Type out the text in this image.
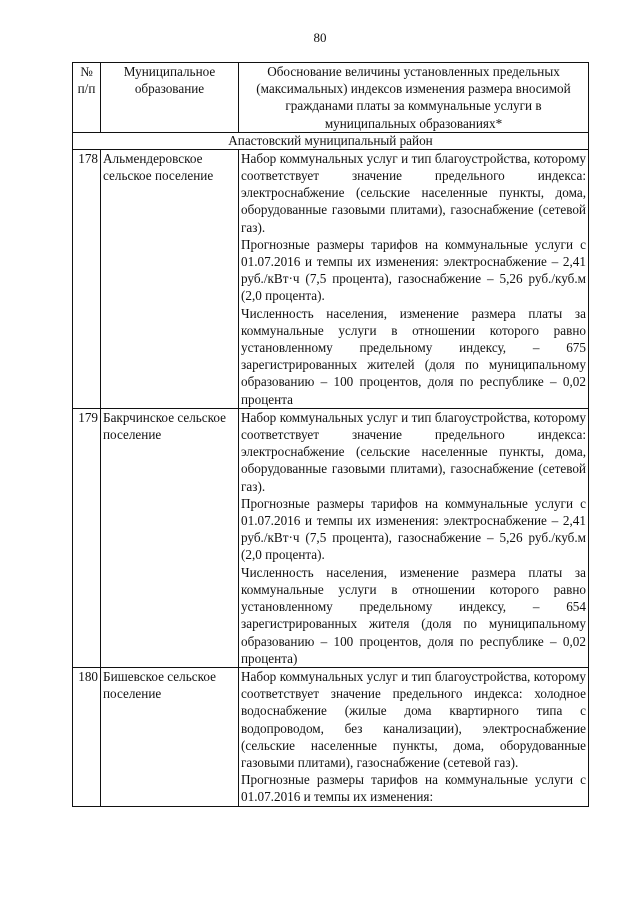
80
№ п/п	Муниципальное образование	Обоснование величины установленных предельных (максимальных) индексов изменения размера вносимой гражданами платы за коммунальные услуги в муниципальных образованиях*
Апастовский муниципальный район		
178	Альмендеровское сельское поселение	Набор коммунальных услуг и тип благоустройства, которому соответствует значение предельного индекса: электроснабжение (сельские населенные пункты, дома, оборудованные газовыми плитами), газоснабжение (сетевой газ).

Прогнозные размеры тарифов на коммунальные услуги с 01.07.2016 и темпы их изменения: электроснабжение – 2,41 руб./кВт·ч (7,5 процента), газоснабжение – 5,26 руб./куб.м (2,0 процента).

Численность населения, изменение размера платы за коммунальные услуги в отношении которого равно установленному предельному индексу, – 675 зарегистрированных жителей (доля по муниципальному образованию – 100 процентов, доля по республике – 0,02 процента

179	Бакрчинское сельское поселение	Набор коммунальных услуг и тип благоустройства, которому соответствует значение предельного индекса: электроснабжение (сельские населенные пункты, дома, оборудованные газовыми плитами), газоснабжение (сетевой газ).

Прогнозные размеры тарифов на коммунальные услуги с 01.07.2016 и темпы их изменения: электроснабжение – 2,41 руб./кВт·ч (7,5 процента), газоснабжение – 5,26 руб./куб.м (2,0 процента).

Численность населения, изменение размера платы за коммунальные услуги в отношении которого равно установленному предельному индексу, – 654 зарегистрированных жителя (доля по муниципальному образованию – 100 процентов, доля по республике – 0,02 процента)

180	Бишевское сельское поселение	Набор коммунальных услуг и тип благоустройства, которому соответствует значение предельного индекса: холодное водоснабжение (жилые дома квартирного типа с водопроводом, без канализации), электроснабжение (сельские населенные пункты, дома, оборудованные газовыми плитами), газоснабжение (сетевой газ).

Прогнозные размеры тарифов на коммунальные услуги с 01.07.2016 и темпы их изменения:
